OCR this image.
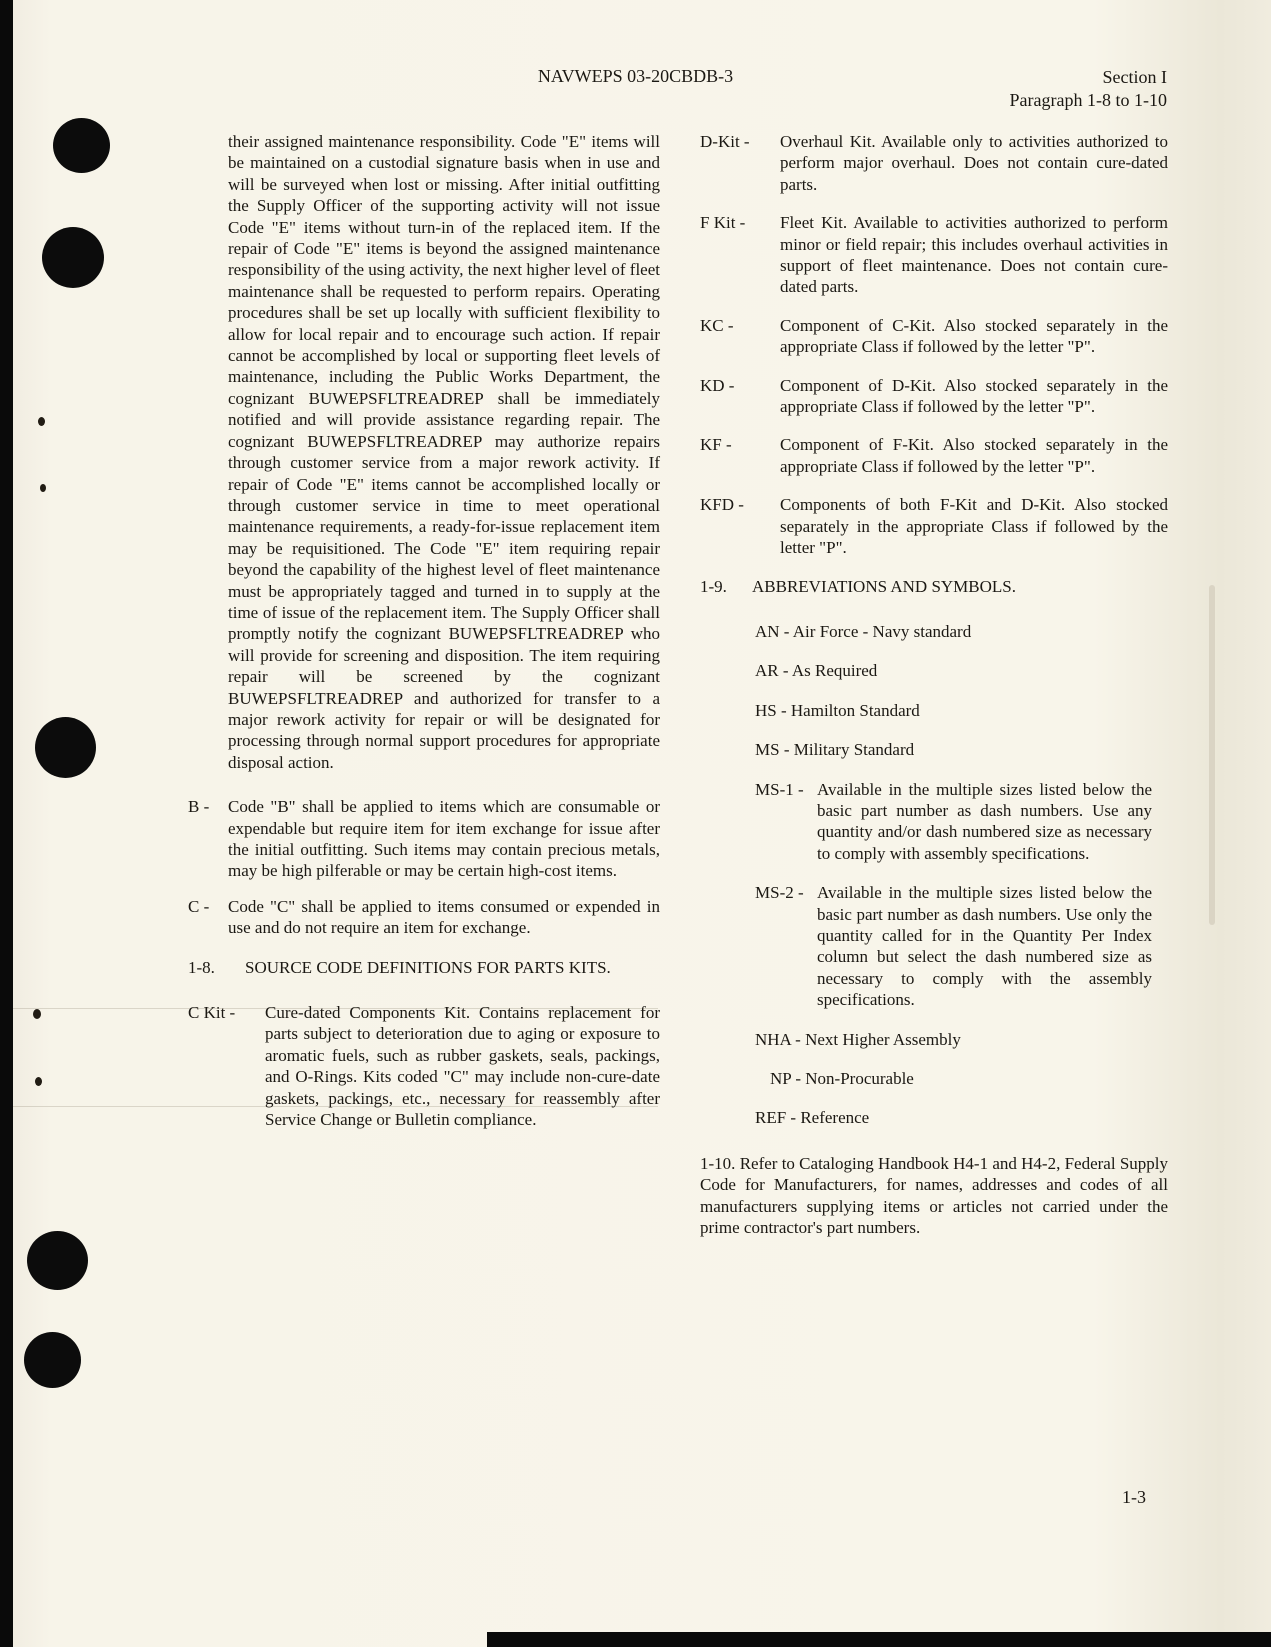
NAVWEPS 03-20CBDB-3	Section I
Paragraph 1-8 to 1-10

their assigned maintenance responsibility. Code "E" items will be maintained on a custodial signature basis when in use and will be surveyed when lost or missing. After initial outfitting the Supply Officer of the supporting activity will not issue Code "E" items without turn-in of the replaced item. If the repair of Code "E" items is beyond the assigned maintenance responsibility of the using activity, the next higher level of fleet maintenance shall be requested to perform repairs. Operating procedures shall be set up locally with sufficient flexibility to allow for local repair and to encourage such action. If repair cannot be accomplished by local or supporting fleet levels of maintenance, including the Public Works Department, the cognizant BUWEPSFLTREADREP shall be immediately notified and will provide assistance regarding repair. The cognizant BUWEPSFLTREADREP may authorize repairs through customer service from a major rework activity. If repair of Code "E" items cannot be accomplished locally or through customer service in time to meet operational maintenance requirements, a ready-for-issue replacement item may be requisitioned. The Code "E" item requiring repair beyond the capability of the highest level of fleet maintenance must be appropriately tagged and turned in to supply at the time of issue of the replacement item. The Supply Officer shall promptly notify the cognizant BUWEPSFLTREADREP who will provide for screening and disposition. The item requiring repair will be screened by the cognizant BUWEPSFLTREADREP and authorized for transfer to a major rework activity for repair or will be designated for processing through normal support procedures for appropriate disposal action.

B -	Code "B" shall be applied to items which are consumable or expendable but require item for item exchange for issue after the initial outfitting. Such items may contain precious metals, may be high pilferable or may be certain high-cost items.
C -	Code "C" shall be applied to items consumed or expended in use and do not require an item for exchange.
1-8.	SOURCE CODE DEFINITIONS FOR PARTS KITS.
C Kit -	Cure-dated Components Kit. Contains replacement for parts subject to deterioration due to aging or exposure to aromatic fuels, such as rubber gaskets, seals, packings, and O-Rings. Kits coded "C" may include non-cure-date gaskets, packings, etc., necessary for reassembly after Service Change or Bulletin compliance.
D-Kit -	Overhaul Kit. Available only to activities authorized to perform major overhaul. Does not contain cure-dated parts.
F Kit -	Fleet Kit. Available to activities authorized to perform minor or field repair; this includes overhaul activities in support of fleet maintenance. Does not contain cure-dated parts.
KC -	Component of C-Kit. Also stocked separately in the appropriate Class if followed by the letter "P".
KD -	Component of D-Kit. Also stocked separately in the appropriate Class if followed by the letter "P".
KF -	Component of F-Kit. Also stocked separately in the appropriate Class if followed by the letter "P".
KFD -	Components of both F-Kit and D-Kit. Also stocked separately in the appropriate Class if followed by the letter "P".
1-9.	ABBREVIATIONS AND SYMBOLS.
AN - Air Force - Navy standard
AR - As Required
HS - Hamilton Standard
MS - Military Standard
MS-1 - Available in the multiple sizes listed below the basic part number as dash numbers. Use any quantity and/or dash numbered size as necessary to comply with assembly specifications.
MS-2 - Available in the multiple sizes listed below the basic part number as dash numbers. Use only the quantity called for in the Quantity Per Index column but select the dash numbered size as necessary to comply with the assembly specifications.
NHA - Next Higher Assembly
NP - Non-Procurable
REF - Reference

1-10. Refer to Cataloging Handbook H4-1 and H4-2, Federal Supply Code for Manufacturers, for names, addresses and codes of all manufacturers supplying items or articles not carried under the prime contractor's part numbers.

1-3
